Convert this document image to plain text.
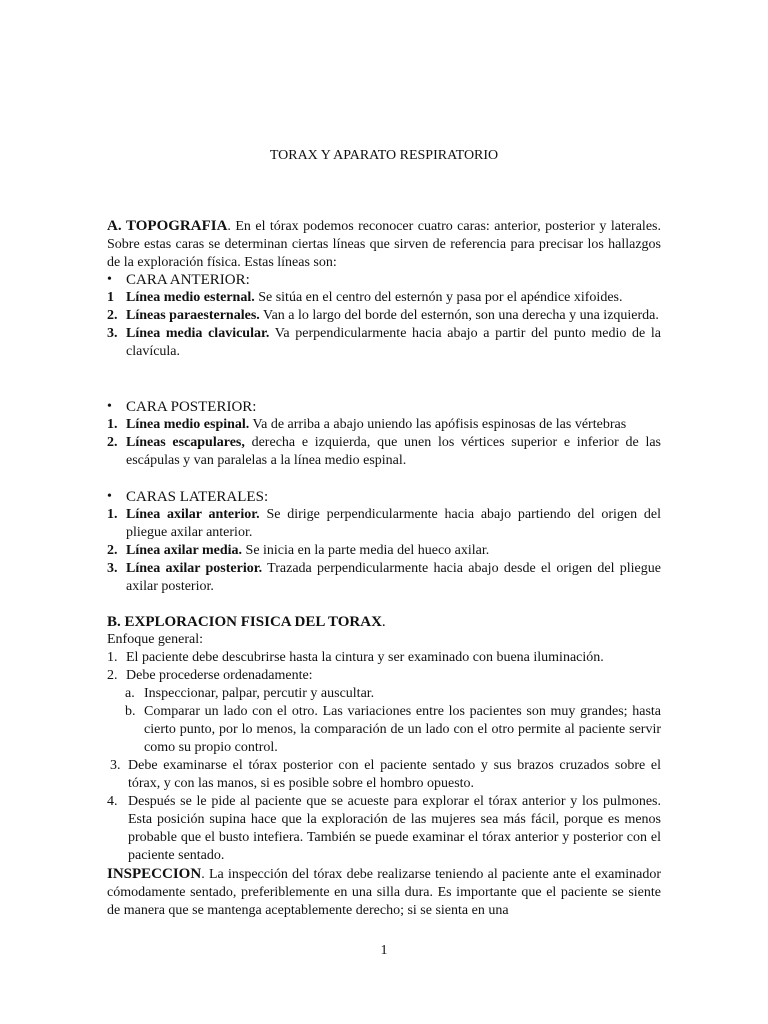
TORAX Y APARATO RESPIRATORIO
A. TOPOGRAFIA. En el tórax podemos reconocer cuatro caras: anterior, posterior y laterales. Sobre estas caras se determinan ciertas líneas que sirven de referencia para precisar los hallazgos de la exploración física. Estas líneas son:
• CARA ANTERIOR:
1 Línea medio esternal. Se sitúa en el centro del esternón y pasa por el apéndice xifoides.
2. Líneas paraesternales. Van a lo largo del borde del esternón, son una derecha y una izquierda.
3. Línea media clavicular. Va perpendicularmente hacia abajo a partir del punto medio de la clavícula.
• CARA POSTERIOR:
1. Línea medio espinal. Va de arriba a abajo uniendo las apófisis espinosas de las vértebras
2. Líneas escapulares, derecha e izquierda, que unen los vértices superior e inferior de las escápulas y van paralelas a la línea medio espinal.
• CARAS LATERALES:
1. Línea axilar anterior. Se dirige perpendicularmente hacia abajo partiendo del origen del pliegue axilar anterior.
2. Línea axilar media. Se inicia en la parte media del hueco axilar.
3. Línea axilar posterior. Trazada perpendicularmente hacia abajo desde el origen del pliegue axilar posterior.
B. EXPLORACION FISICA DEL TORAX.
Enfoque general:
1. El paciente debe descubrirse hasta la cintura y ser examinado con buena iluminación.
2. Debe procederse ordenadamente:
a. Inspeccionar, palpar, percutir y auscultar.
b. Comparar un lado con el otro. Las variaciones entre los pacientes son muy grandes; hasta cierto punto, por lo menos, la comparación de un lado con el otro permite al paciente servir como su propio control.
3. Debe examinarse el tórax posterior con el paciente sentado y sus brazos cruzados sobre el tórax, y con las manos, si es posible sobre el hombro opuesto.
4. Después se le pide al paciente que se acueste para explorar el tórax anterior y los pulmones. Esta posición supina hace que la exploración de las mujeres sea más fácil, porque es menos probable que el busto intefiera. También se puede examinar el tórax anterior y posterior con el paciente sentado.
INSPECCION. La inspección del tórax debe realizarse teniendo al paciente ante el examinador cómodamente sentado, preferiblemente en una silla dura. Es importante que el paciente se siente de manera que se mantenga aceptablemente derecho; si se sienta en una
1
